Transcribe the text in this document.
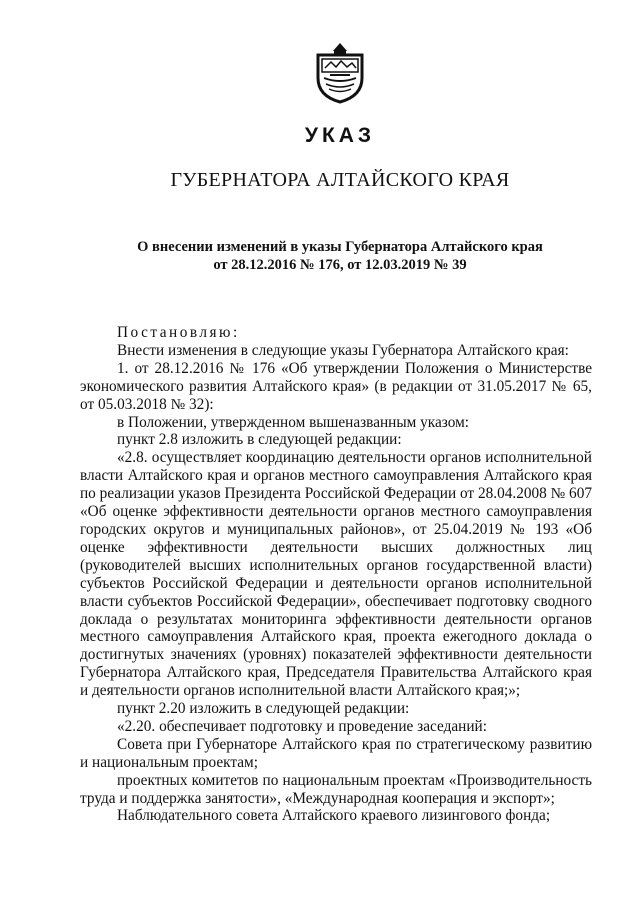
УКАЗ
ГУБЕРНАТОРА АЛТАЙСКОГО КРАЯ
О внесении изменений в указы Губернатора Алтайского края
от 28.12.2016 № 176, от 12.03.2019 № 39

Постановляю:

Внести изменения в следующие указы Губернатора Алтайского края:

1. от 28.12.2016 № 176 «Об утверждении Положения о Министерстве экономического развития Алтайского края» (в редакции от 31.05.2017 № 65, от 05.03.2018 № 32):

в Положении, утвержденном вышеназванным указом:

пункт 2.8 изложить в следующей редакции:

«2.8. осуществляет координацию деятельности органов исполнительной власти Алтайского края и органов местного самоуправления Алтайского края по реализации указов Президента Российской Федерации от 28.04.2008 № 607 «Об оценке эффективности деятельности органов местного самоуправления городских округов и муниципальных районов», от 25.04.2019 № 193 «Об оценке эффективности деятельности высших должностных лиц (руководителей высших исполнительных органов государственной власти) субъектов Российской Федерации и деятельности органов исполнительной власти субъектов Российской Федерации», обеспечивает подготовку сводного доклада о результатах мониторинга эффективности деятельности органов местного самоуправления Алтайского края, проекта ежегодного доклада о достигнутых значениях (уровнях) показателей эффективности деятельности Губернатора Алтайского края, Председателя Правительства Алтайского края и деятельности органов исполнительной власти Алтайского края;»;

пункт 2.20 изложить в следующей редакции:

«2.20. обеспечивает подготовку и проведение заседаний:

Совета при Губернаторе Алтайского края по стратегическому развитию и национальным проектам;

проектных комитетов по национальным проектам «Производительность труда и поддержка занятости», «Международная кооперация и экспорт»;

Наблюдательного совета Алтайского краевого лизингового фонда;
